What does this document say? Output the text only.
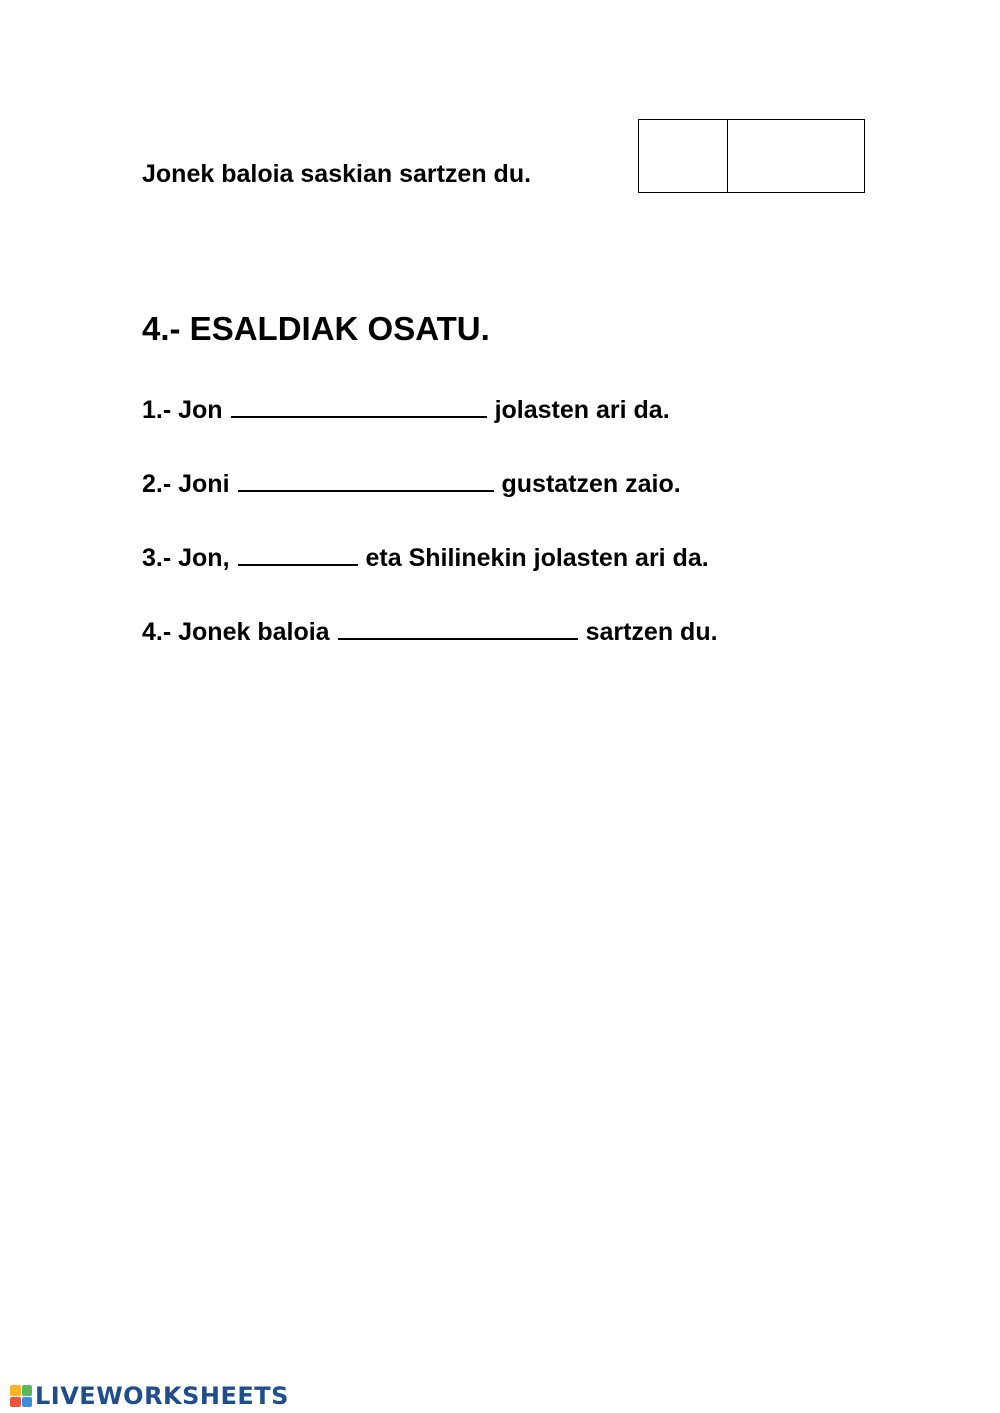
Jonek baloia saskian sartzen du.

4.- ESALDIAK OSATU.

1.- Jon	jolasten ari da.

2.- Joni	gustatzen zaio.

3.- Jon,	eta Shilinekin jolasten ari da.

4.- Jonek baloia	sartzen du.

LIVEWORKSHEETS
